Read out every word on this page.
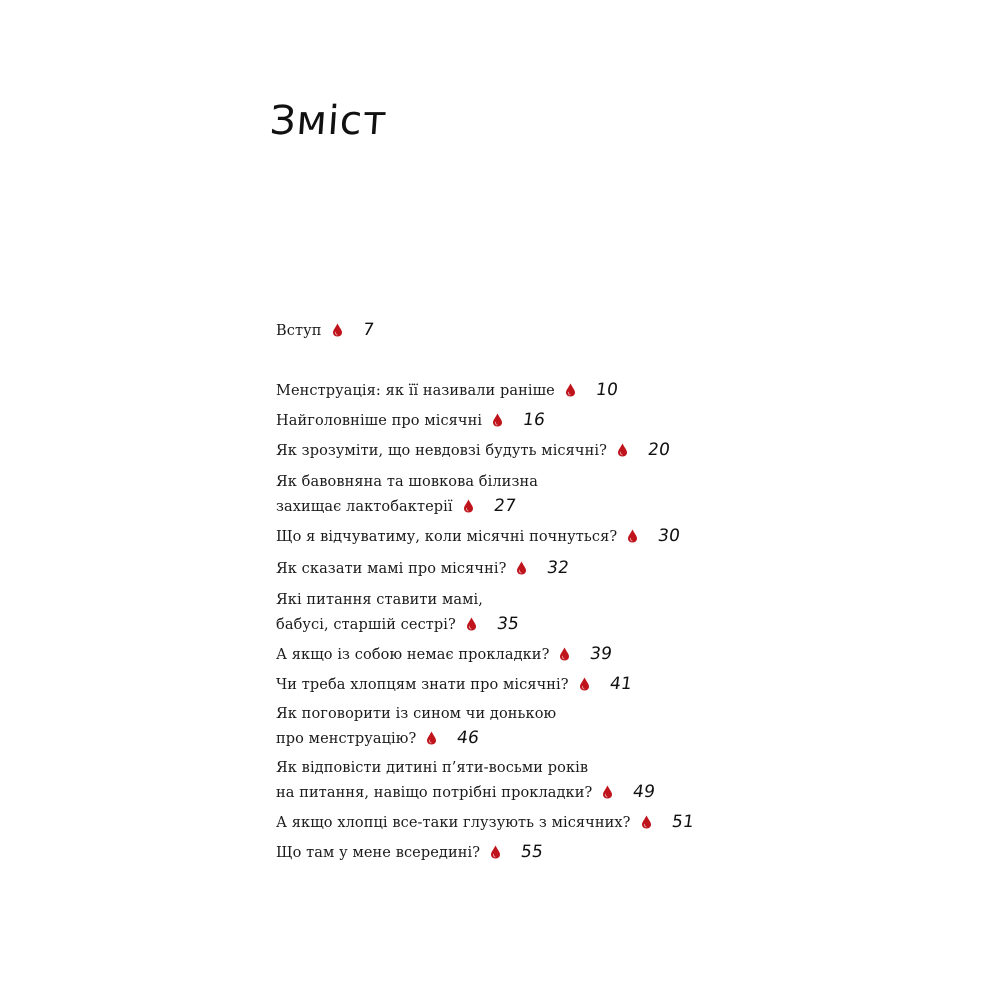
Зміст
Вступ 7
Менструація: як її називали раніше 10
Найголовніше про місячні 16
Як зрозуміти, що невдовзі будуть місячні? 20
Як бавовняна та шовкова білизна
захищає лактобактерії 27
Що я відчуватиму, коли місячні почнуться? 30
Як сказати мамі про місячні? 32
Які питання ставити мамі,
бабусі, старшій сестрі? 35
А якщо із собою немає прокладки? 39
Чи треба хлопцям знати про місячні? 41
Як поговорити із сином чи донькою
про менструацію? 46
Як відповісти дитині п’яти-восьми років
на питання, навіщо потрібні прокладки? 49
А якщо хлопці все-таки глузують з місячних? 51
Що там у мене всередині? 55
